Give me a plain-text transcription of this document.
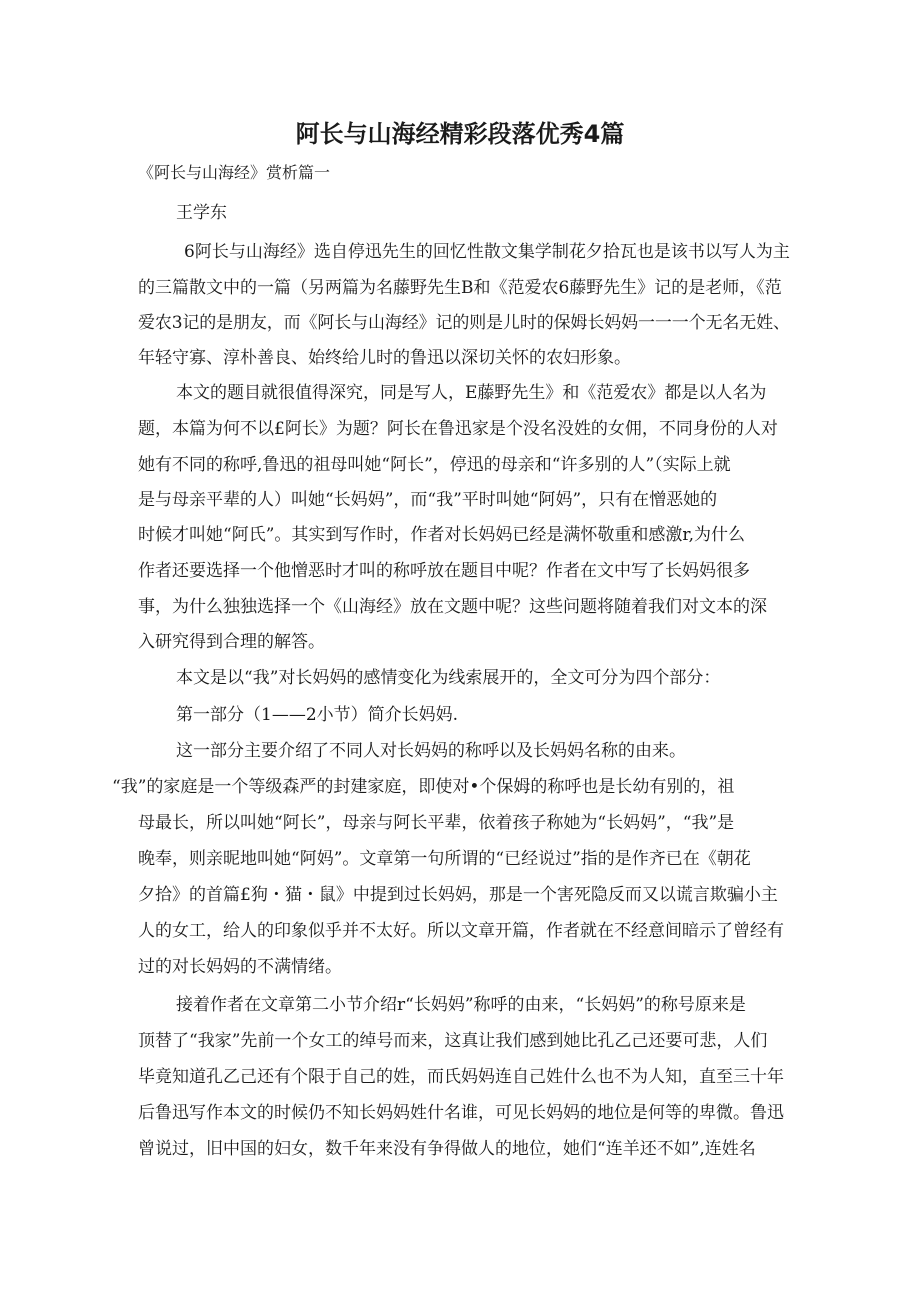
阿长与山海经精彩段落优秀4篇
《阿长与山海经》赏析篇一
王学东
6阿长与山海经》选自停迅先生的回忆性散文集学制花夕拾瓦也是该书以写人为主
的三篇散文中的一篇（另两篇为名藤野先生B和《范爱农6藤野先生》记的是老师，《范
爱农3记的是朋友，而《阿长与山海经》记的则是儿时的保姆长妈妈一一一个无名无姓、
年轻守寡、淳朴善良、始终给儿时的鲁迅以深切关怀的农妇形象。
本文的题目就很值得深究，同是写人，E藤野先生》和《范爱农》都是以人名为
题，本篇为何不以£阿长》为题？阿长在鲁迅家是个没名没姓的女佣，不同身份的人对
她有不同的称呼,鲁迅的祖母叫她“阿长”，停迅的母亲和“许多别的人”（实际上就
是与母亲平辈的人）叫她“长妈妈”，而“我”平时叫她“阿妈”，只有在憎恶她的
时候才叫她“阿氏”。其实到写作时，作者对长妈妈已经是满怀敬重和感激r,为什么
作者还要选择一个他憎恶时才叫的称呼放在题目中呢？作者在文中写了长妈妈很多
事，为什么独独选择一个《山海经》放在文题中呢？这些问题将随着我们对文本的深
入研究得到合理的解答。
本文是以“我”对长妈妈的感情变化为线索展开的，全文可分为四个部分：
第一部分（1——2小节）简介长妈妈.
这一部分主要介绍了不同人对长妈妈的称呼以及长妈妈名称的由来。
“我”的家庭是一个等级森严的封建家庭，即使对•个保姆的称呼也是长幼有别的，祖
母最长，所以叫她“阿长”，母亲与阿长平辈，依着孩子称她为“长妈妈”，“我”是
晚奉，则亲昵地叫她“阿妈”。文章第一句所谓的“已经说过”指的是作齐已在《朝花
夕拾》的首篇£狗・猫・鼠》中提到过长妈妈，那是一个害死隐反而又以谎言欺骗小主
人的女工，给人的印象似乎并不太好。所以文章开篇，作者就在不经意间暗示了曾经有
过的对长妈妈的不满情绪。
接着作者在文章第二小节介绍r“长妈妈”称呼的由来，“长妈妈”的称号原来是
顶替了“我家”先前一个女工的绰号而来，这真让我们感到她比孔乙己还要可悲，人们
毕竟知道孔乙己还有个限于自己的姓，而氏妈妈连自己姓什么也不为人知，直至三十年
后鲁迅写作本文的时候仍不知长妈妈姓什名谁，可见长妈妈的地位是何等的卑微。鲁迅
曾说过，旧中国的妇女，数千年来没有争得做人的地位，她们“连羊还不如”,连姓名
